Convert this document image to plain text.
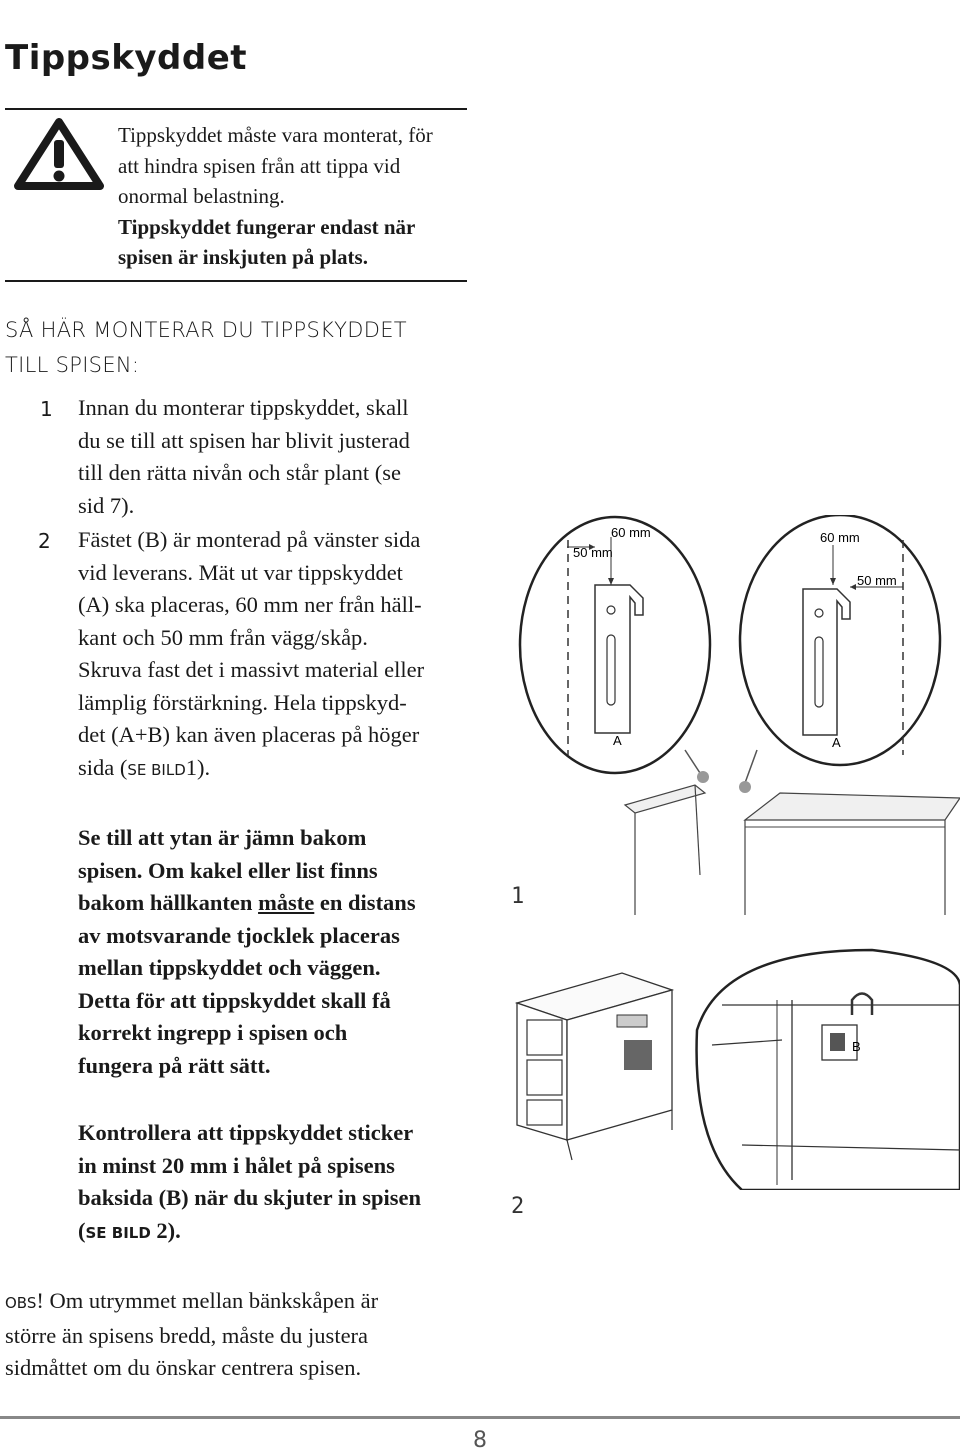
Tippskyddet
Tippskyddet måste vara monterat, för
att hindra spisen från att tippa vid
onormal belastning.
Tippskyddet fungerar endast när
spisen är inskjuten på plats.
SÅ HÄR MONTERAR DU TIPPSKYDDET
TILL SPISEN:
1 Innan du monterar tippskyddet, skall
du se till att spisen har blivit justerad
till den rätta nivån och står plant (se
sid 7).
2 Fästet (B) är monterad på vänster sida
vid leverans. Mät ut var tippskyddet
(A) ska placeras, 60 mm ner från häll-
kant och 50 mm från vägg/skåp.
Skruva fast det i massivt material eller
lämplig förstärkning. Hela tippskyd-
det (A+B) kan även placeras på höger
sida (SE BILD1).
Se till att ytan är jämn bakom
spisen. Om kakel eller list finns
bakom hällkanten måste en distans
av motsvarande tjocklek placeras
mellan tippskyddet och väggen.
Detta för att tippskyddet skall få
korrekt ingrepp i spisen och
fungera på rätt sätt.
Kontrollera att tippskyddet sticker
in minst 20 mm i hålet på spisens
baksida (B) när du skjuter in spisen
(SE BILD 2).
OBS! Om utrymmet mellan bänkskåpen är
större än spisens bredd, måste du justera
sidmåttet om du önskar centrera spisen.
60 mm
50 mm
A
60 mm
50 mm
A
1
B
2
8
